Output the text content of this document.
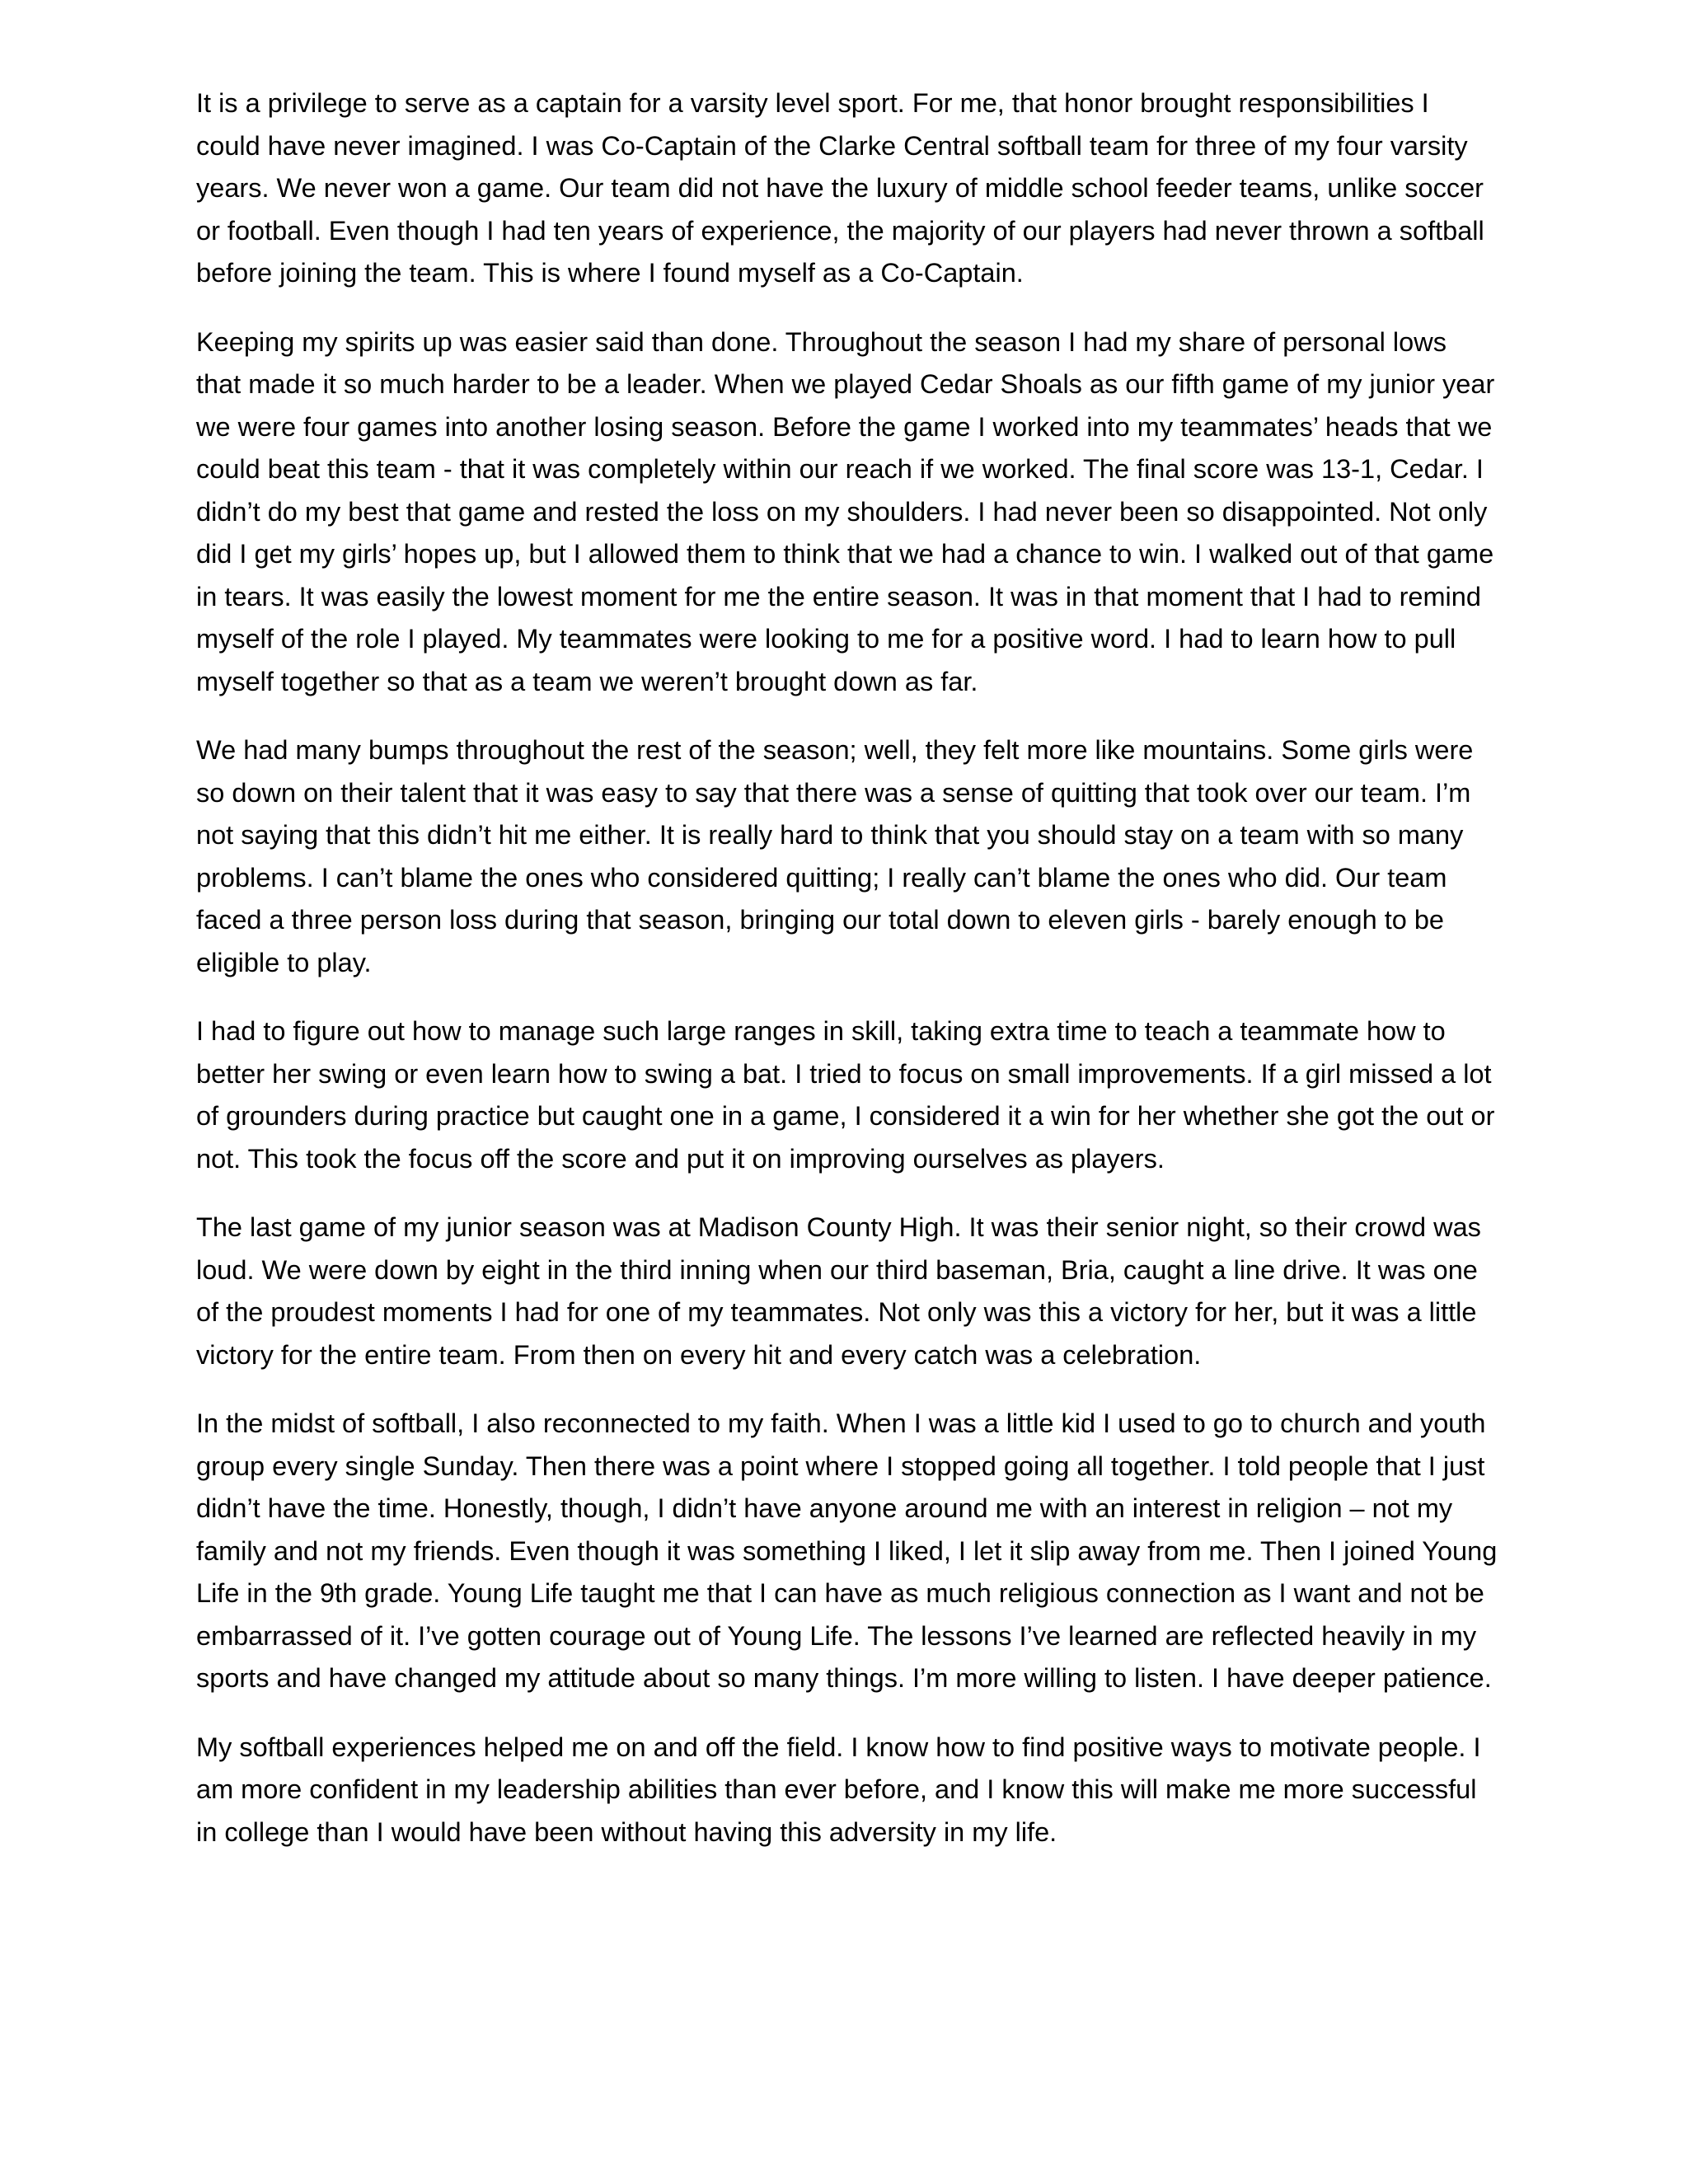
It is a privilege to serve as a captain for a varsity level sport. For me, that honor brought responsibilities I could have never imagined. I was Co-Captain of the Clarke Central softball team for three of my four varsity years. We never won a game. Our team did not have the luxury of middle school feeder teams, unlike soccer or football. Even though I had ten years of experience, the majority of our players had never thrown a softball before joining the team. This is where I found myself as a Co-Captain.

Keeping my spirits up was easier said than done. Throughout the season I had my share of personal lows that made it so much harder to be a leader. When we played Cedar Shoals as our fifth game of my junior year we were four games into another losing season. Before the game I worked into my teammates’ heads that we could beat this team - that it was completely within our reach if we worked. The final score was 13-1, Cedar. I didn’t do my best that game and rested the loss on my shoulders. I had never been so disappointed. Not only did I get my girls’ hopes up, but I allowed them to think that we had a chance to win. I walked out of that game in tears. It was easily the lowest moment for me the entire season. It was in that moment that I had to remind myself of the role I played. My teammates were looking to me for a positive word. I had to learn how to pull myself together so that as a team we weren’t brought down as far.

We had many bumps throughout the rest of the season; well, they felt more like mountains. Some girls were so down on their talent that it was easy to say that there was a sense of quitting that took over our team. I’m not saying that this didn’t hit me either. It is really hard to think that you should stay on a team with so many problems. I can’t blame the ones who considered quitting; I really can’t blame the ones who did. Our team faced a three person loss during that season, bringing our total down to eleven girls - barely enough to be eligible to play.

I had to figure out how to manage such large ranges in skill, taking extra time to teach a teammate how to better her swing or even learn how to swing a bat. I tried to focus on small improvements. If a girl missed a lot of grounders during practice but caught one in a game, I considered it a win for her whether she got the out or not. This took the focus off the score and put it on improving ourselves as players.

The last game of my junior season was at Madison County High. It was their senior night, so their crowd was loud. We were down by eight in the third inning when our third baseman, Bria, caught a line drive. It was one of the proudest moments I had for one of my teammates. Not only was this a victory for her, but it was a little victory for the entire team. From then on every hit and every catch was a celebration.

In the midst of softball, I also reconnected to my faith. When I was a little kid I used to go to church and youth group every single Sunday. Then there was a point where I stopped going all together. I told people that I just didn’t have the time. Honestly, though, I didn’t have anyone around me with an interest in religion – not my family and not my friends. Even though it was something I liked, I let it slip away from me. Then I joined Young Life in the 9th grade. Young Life taught me that I can have as much religious connection as I want and not be embarrassed of it. I’ve gotten courage out of Young Life. The lessons I’ve learned are reflected heavily in my sports and have changed my attitude about so many things. I’m more willing to listen. I have deeper patience.

My softball experiences helped me on and off the field. I know how to find positive ways to motivate people. I am more confident in my leadership abilities than ever before, and I know this will make me more successful in college than I would have been without having this adversity in my life.
